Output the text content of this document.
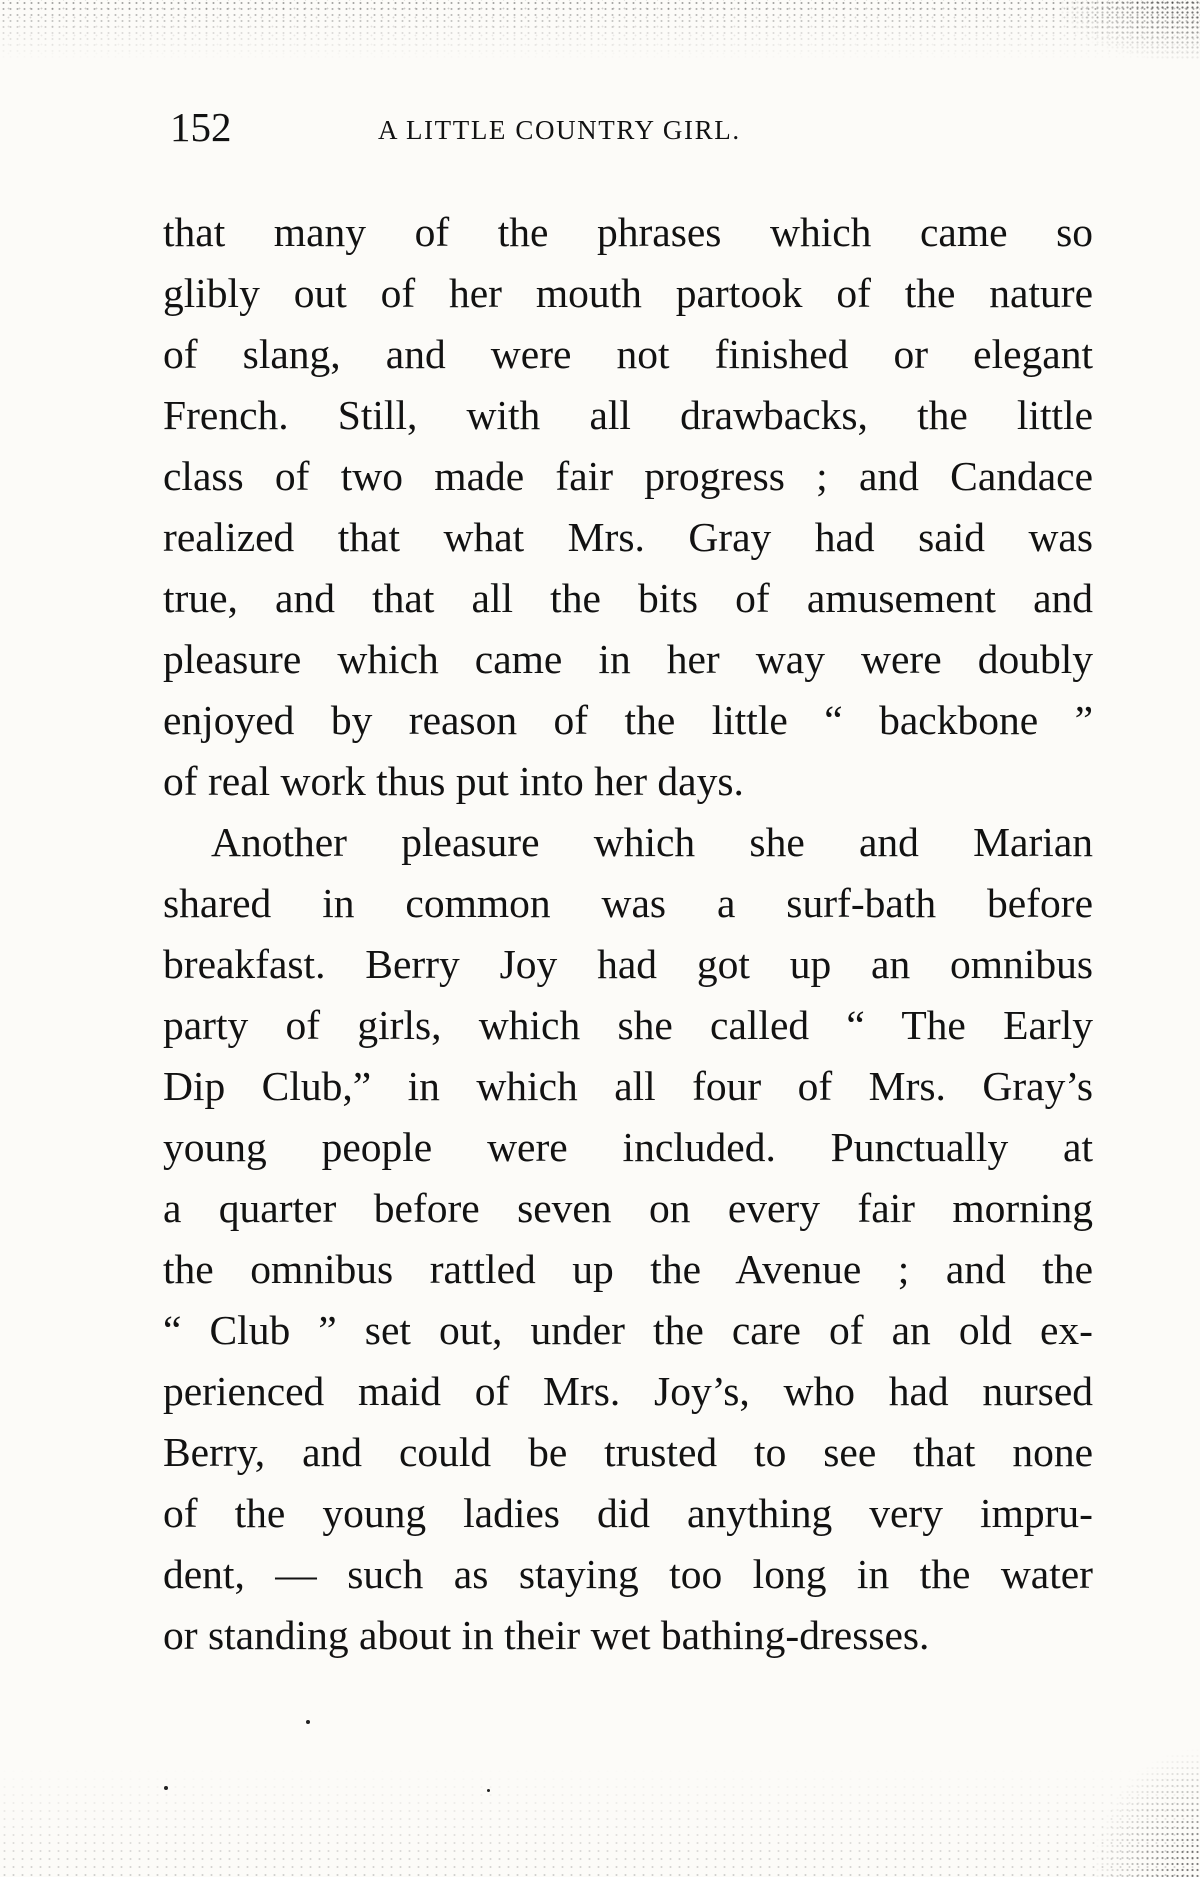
152	A LITTLE COUNTRY GIRL.
that many of the phrases which came so
glibly out of her mouth partook of the nature
of slang, and were not finished or elegant
French. Still, with all drawbacks, the little
class of two made fair progress ; and Candace
realized that what Mrs. Gray had said was
true, and that all the bits of amusement and
pleasure which came in her way were doubly
enjoyed by reason of the little “ backbone ”
of real work thus put into her days.
Another pleasure which she and Marian
shared in common was a surf-bath before
breakfast. Berry Joy had got up an omnibus
party of girls, which she called “ The Early
Dip Club,” in which all four of Mrs. Gray’s
young people were included. Punctually at
a quarter before seven on every fair morning
the omnibus rattled up the Avenue ; and the
“ Club ” set out, under the care of an old ex-
perienced maid of Mrs. Joy’s, who had nursed
Berry, and could be trusted to see that none
of the young ladies did anything very impru-
dent, — such as staying too long in the water
or standing about in their wet bathing-dresses.
